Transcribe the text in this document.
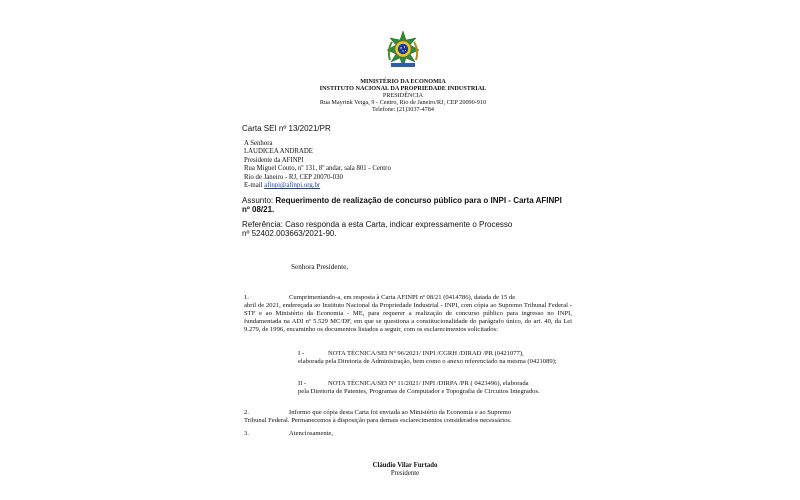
MINISTÉRIO DA ECONOMIA
INSTITUTO NACIONAL DA PROPRIEDADE INDUSTRIAL
PRESIDÊNCIA
Rua Mayrink Veiga, 9 - Centro, Rio de Janeiro/RJ, CEP 20090-910
Telefone: (21)3037-4784
Carta SEI nº 13/2021/PR
A Senhora
LAUDICEA ANDRADE
Presidente da AFINPI
Rua Miguel Couto, nº 131, 8º andar, sala 801 - Centro
Rio de Janeiro - RJ, CEP 20070-030
E-mail afinpi@afinpi.org.br
Assunto: Requerimento de realização de concurso público para o INPI - Carta AFINPI nº 08/21.
Referência: Caso responda a esta Carta, indicar expressamente o Processo
nº 52402.003663/2021-90.
Senhora Presidente,
1.	Cumprimentando-a, em resposta à Carta AFINPI nº 08/21 (0414786), datada de 15 de

abril de 2021, endereçada ao Instituto Nacional da Propriedade Industrial - INPI, com cópia ao Supremo Tribunal Federal - STF e ao Ministério da Economia - ME, para requerer a realização de concurso público para ingresso no INPI, fundamentada na ADI nº 5.529 MC/DF, em que se questiona a constitucionalidade do parágrafo único, do art. 40, da Lei 9.279, de 1996, encaminho os documentos listados a seguir, com os esclarecimentos solicitados:

I -	NOTA TÉCNICA/SEI Nº 96/2021/ INPI /CGRH /DIRAD /PR (0421077),

elaborada pela Diretoria de Administração, bem como o anexo referenciado na mesma (0421089);

II -	NOTA TÉCNICA/SEI Nº 11/2021/ INPI /DIRPA /PR ( 0423496), elaborada

pela Diretoria de Patentes, Programas de Computador e Topografia de Circuitos Integrados.

2.	Informo que cópia desta Carta foi enviada ao Ministério da Economia e ao Supremo

Tribunal Federal. Permanecemos à disposição para demais esclarecimentos considerados necessários.

3.	Atenciosamente,
Cláudio Vilar Furtado
Presidente
